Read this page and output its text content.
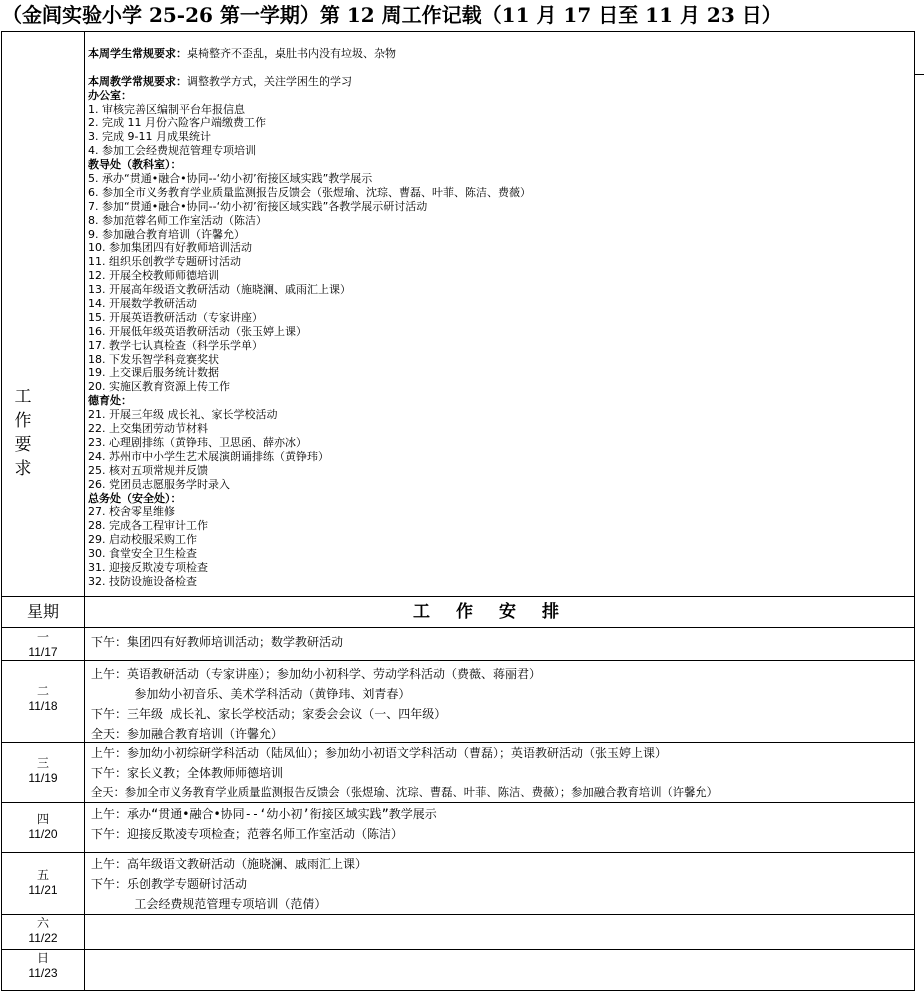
（金闾实验小学 25-26 第一学期）第 12 周工作记载（11 月 17 日至 11 月 23 日）
工
作
要
求
本周学生常规要求：桌椅整齐不歪乱，桌肚书内没有垃圾、杂物
本周教学常规要求：调整教学方式，关注学困生的学习
办公室：
1. 审核完善区编制平台年报信息
2. 完成 11 月份六险客户端缴费工作
3. 完成 9-11 月成果统计
4. 参加工会经费规范管理专项培训
教导处（教科室）：
5. 承办“贯通•融合•协同--‘幼小初’衔接区域实践”教学展示
6. 参加全市义务教育学业质量监测报告反馈会（张煜瑜、沈琮、曹磊、叶菲、陈洁、费薇）
7. 参加“贯通•融合•协同--‘幼小初’衔接区域实践”各教学展示研讨活动
8. 参加范蓉名师工作室活动（陈洁）
9. 参加融合教育培训（许馨允）
10. 参加集团四有好教师培训活动
11. 组织乐创教学专题研讨活动
12. 开展全校教师师德培训
13. 开展高年级语文教研活动（施晓澜、戚雨汇上课）
14. 开展数学教研活动
15. 开展英语教研活动（专家讲座）
16. 开展低年级英语教研活动（张玉婷上课）
17. 教学七认真检查（科学乐学单）
18. 下发乐智学科竞赛奖状
19. 上交课后服务统计数据
20. 实施区教育资源上传工作
德育处：
21. 开展三年级 成长礼、家长学校活动
22. 上交集团劳动节材料
23. 心理剧排练（黄铮玮、卫思函、薛亦冰）
24. 苏州市中小学生艺术展演朗诵排练（黄铮玮）
25. 核对五项常规并反馈
26. 党团员志愿服务学时录入
总务处（安全处）：
27. 校舍零星维修
28. 完成各工程审计工作
29. 启动校服采购工作
30. 食堂安全卫生检查
31. 迎接反欺凌专项检查
32. 技防设施设备检查
星期	工作安排
一
11/17
下午：集团四有好教师培训活动；数学教研活动
二
11/18
上午：英语教研活动（专家讲座）；参加幼小初科学、劳动学科活动（费薇、蒋丽君）
参加幼小初音乐、美术学科活动（黄铮玮、刘青春）
下午：三年级 成长礼、家长学校活动；家委会会议（一、四年级）
全天：参加融合教育培训（许馨允）
三
11/19
上午：参加幼小初综研学科活动（陆凤仙）；参加幼小初语文学科活动（曹磊）；英语教研活动（张玉婷上课）
下午：家长义教；全体教师师德培训
全天：参加全市义务教育学业质量监测报告反馈会（张煜瑜、沈琮、曹磊、叶菲、陈洁、费薇）；参加融合教育培训（许馨允）
四
11/20
上午：承办“贯通•融合•协同--‘幼小初’衔接区域实践”教学展示
下午：迎接反欺凌专项检查；范蓉名师工作室活动（陈洁）
五
11/21
上午：高年级语文教研活动（施晓澜、戚雨汇上课）
下午：乐创教学专题研讨活动
工会经费规范管理专项培训（范倩）
六
11/22
日
11/23
